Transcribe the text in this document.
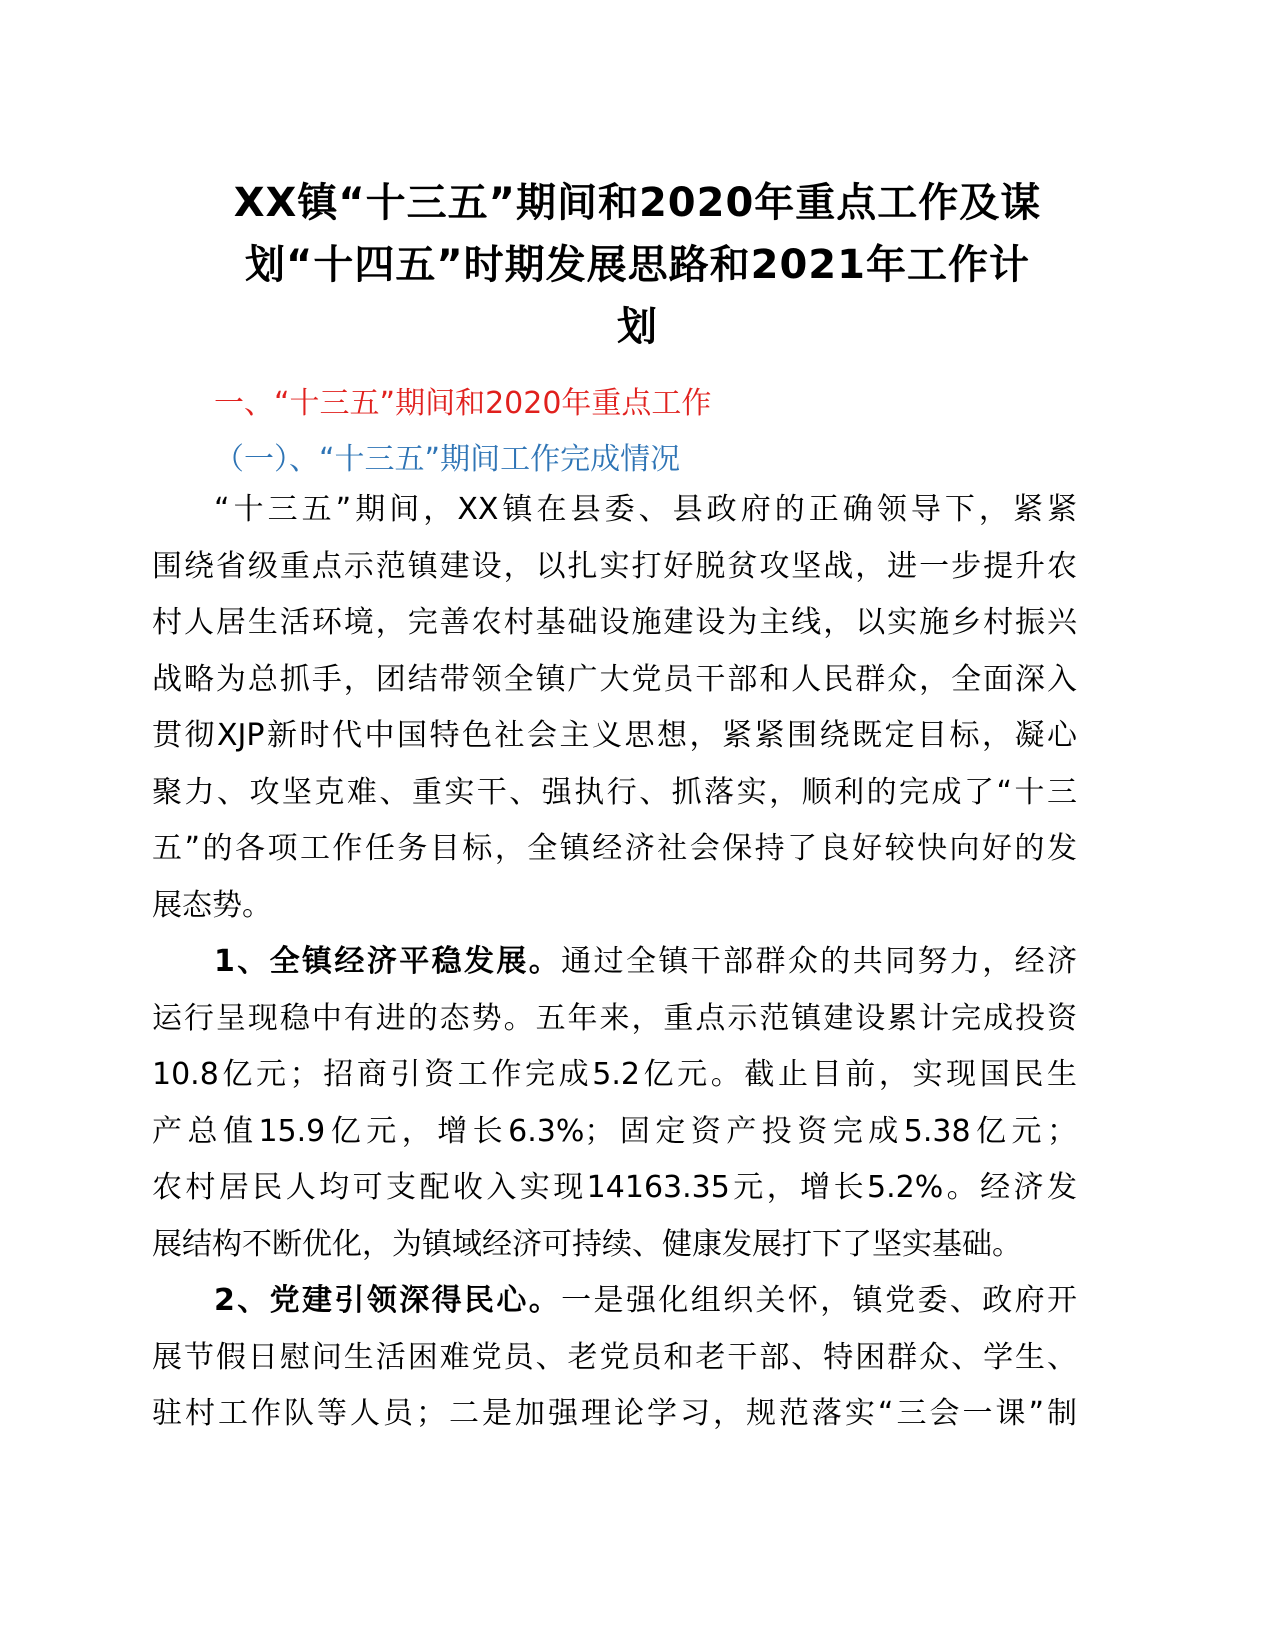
XX镇“十三五”期间和2020年重点工作及谋
划“十四五”时期发展思路和2021年工作计
划
一、“十三五”期间和2020年重点工作
（一）、“十三五”期间工作完成情况
“十三五”期间，XX镇在县委、县政府的正确领导下，紧紧
围绕省级重点示范镇建设，以扎实打好脱贫攻坚战，进一步提升农
村人居生活环境，完善农村基础设施建设为主线，以实施乡村振兴
战略为总抓手，团结带领全镇广大党员干部和人民群众，全面深入
贯彻XJP新时代中国特色社会主义思想，紧紧围绕既定目标，凝心
聚力、攻坚克难、重实干、强执行、抓落实，顺利的完成了“十三
五”的各项工作任务目标，全镇经济社会保持了良好较快向好的发
展态势。
1、全镇经济平稳发展。通过全镇干部群众的共同努力，经济
运行呈现稳中有进的态势。五年来，重点示范镇建设累计完成投资
10.8亿元；招商引资工作完成5.2亿元。截止目前，实现国民生
产总值15.9亿元，增长6.3%；固定资产投资完成5.38亿元；
农村居民人均可支配收入实现14163.35元，增长5.2%。经济发
展结构不断优化，为镇域经济可持续、健康发展打下了坚实基础。
2、党建引领深得民心。一是强化组织关怀，镇党委、政府开
展节假日慰问生活困难党员、老党员和老干部、特困群众、学生、
驻村工作队等人员；二是加强理论学习，规范落实“三会一课”制
